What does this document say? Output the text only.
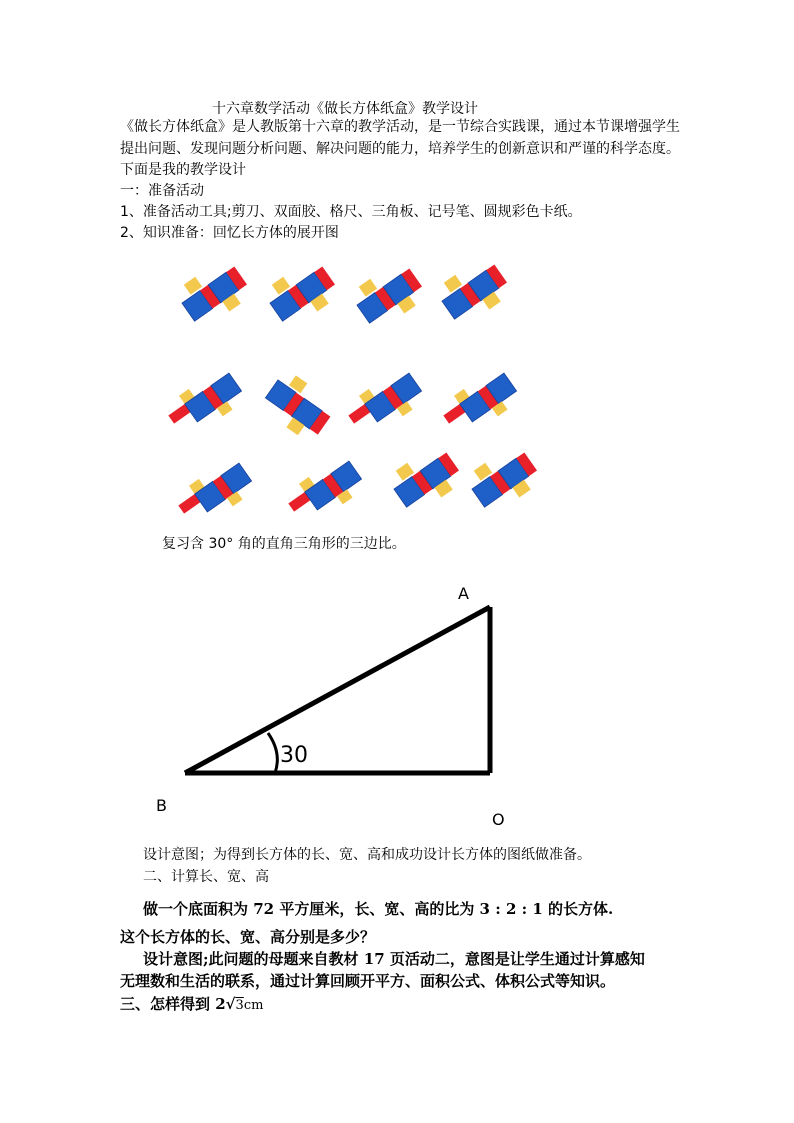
十六章数学活动《做长方体纸盒》教学设计
《做长方体纸盒》是人教版第十六章的教学活动，是一节综合实践课，通过本节课增强学生
提出问题、发现问题分析问题、解决问题的能力，培养学生的创新意识和严谨的科学态度。
下面是我的教学设计
一：准备活动
1、准备活动工具;剪刀、双面胶、格尺、三角板、记号笔、圆规彩色卡纸。
2、知识准备：回忆长方体的展开图
复习含 30° 角的直角三角形的三边比。
30
A
B
O
设计意图；为得到长方体的长、宽、高和成功设计长方体的图纸做准备。
二、计算长、宽、高
做一个底面积为 72 平方厘米，长、宽、高的比为 3 : 2 : 1 的长方体.
这个长方体的长、宽、高分别是多少？
设计意图;此问题的母题来自教材 17 页活动二，意图是让学生通过计算感知
无理数和生活的联系，通过计算回顾开平方、面积公式、体积公式等知识。
三、怎样得到 2√3cm
